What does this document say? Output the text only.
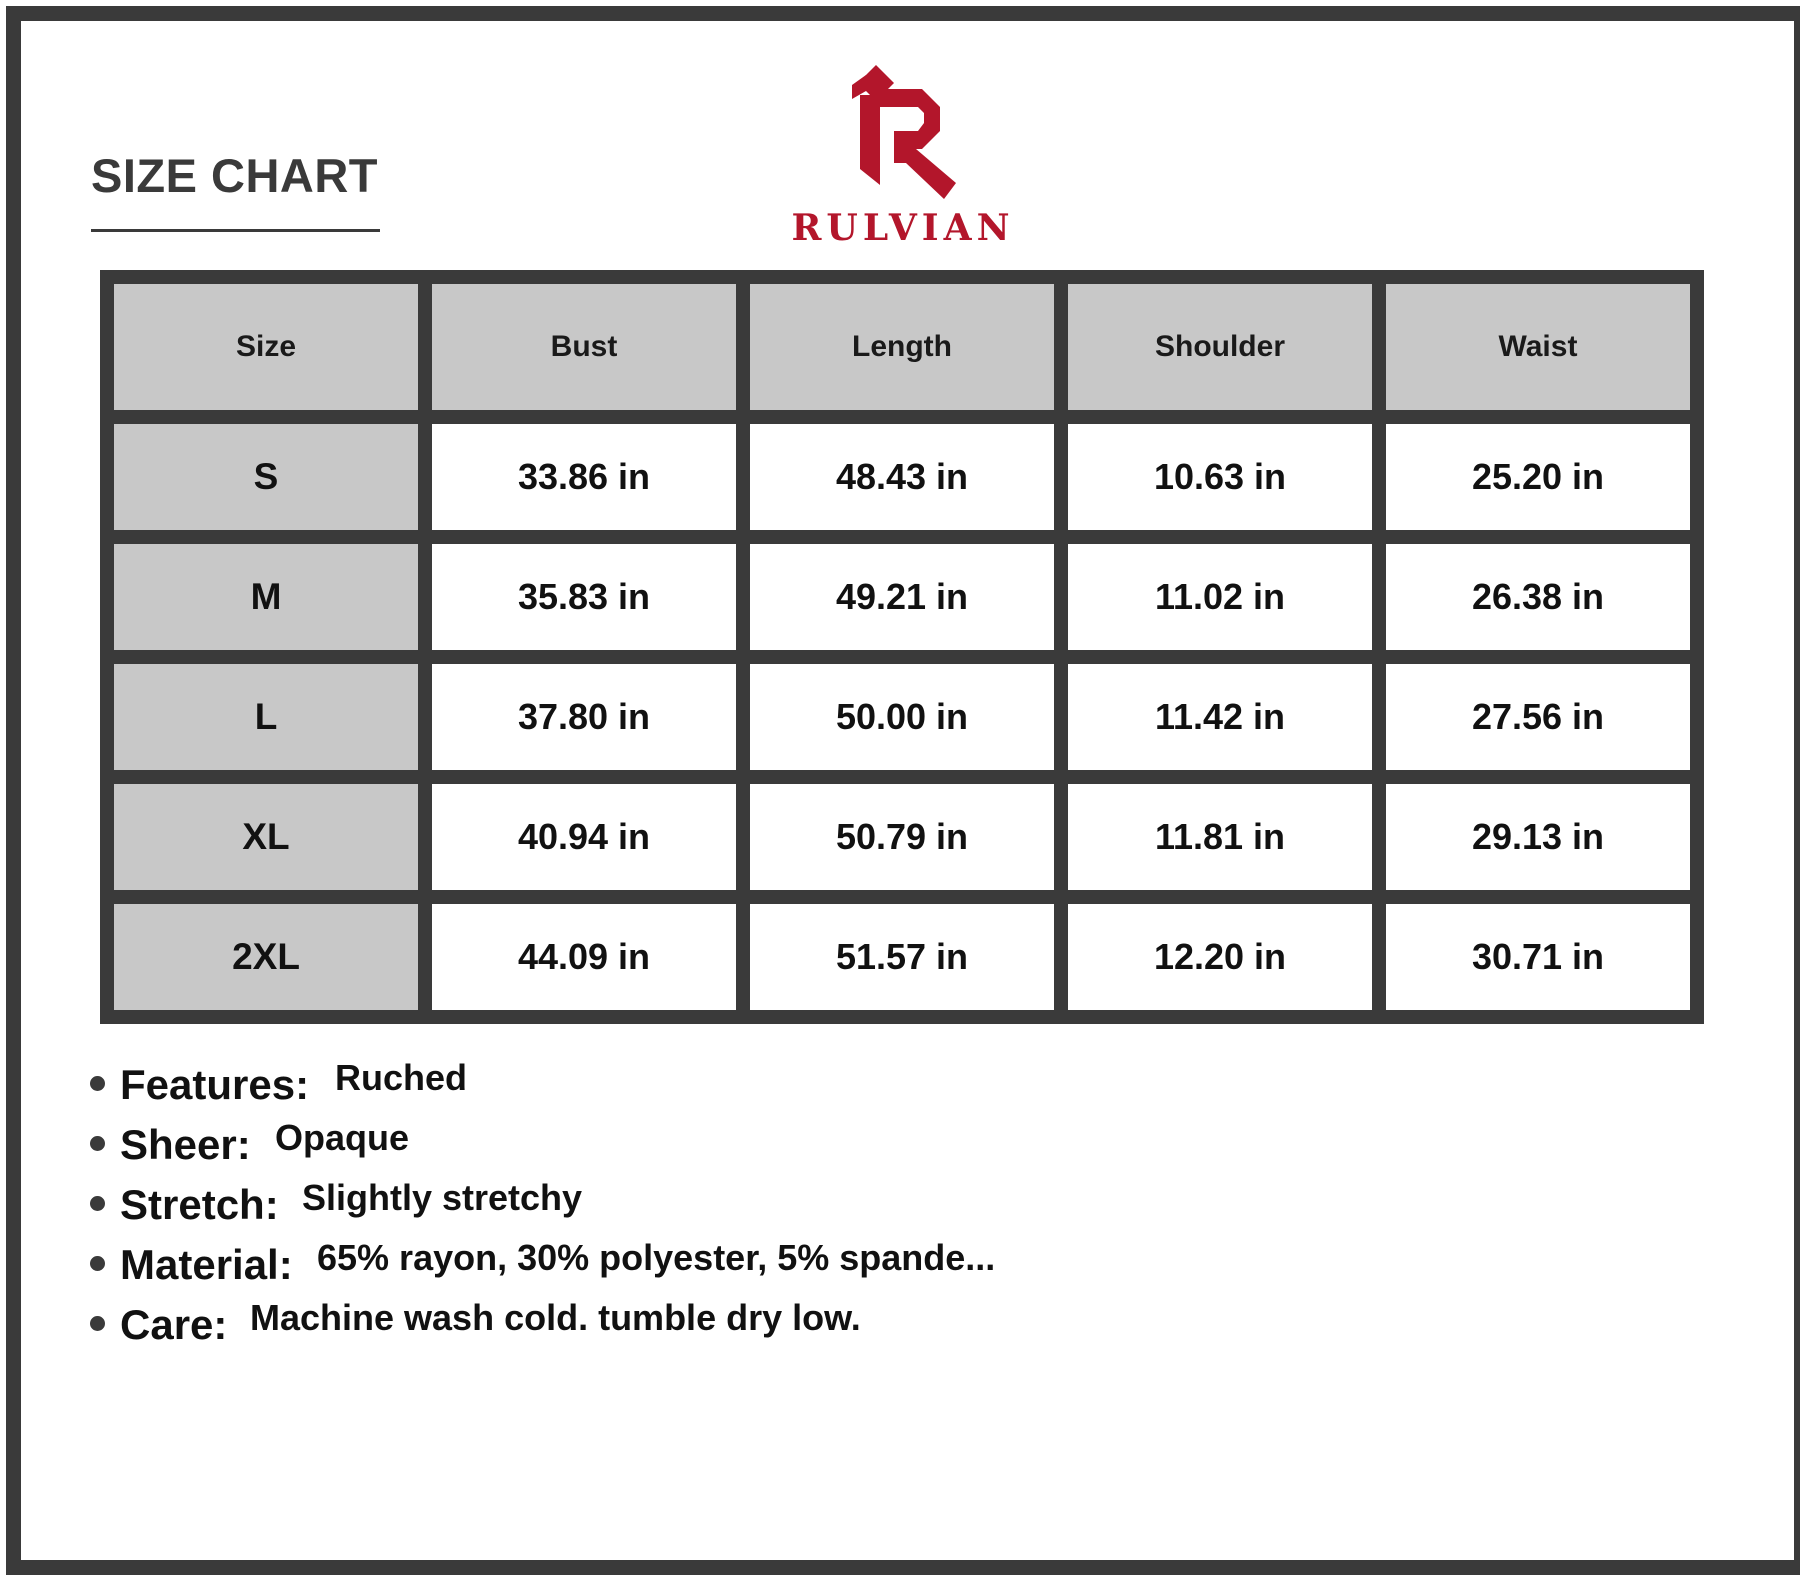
SIZE CHART
RULVIAN
Size	Bust	Length	Shoulder	Waist
S	33.86 in	48.43 in	10.63 in	25.20 in
M	35.83 in	49.21 in	11.02 in	26.38 in
L	37.80 in	50.00 in	11.42 in	27.56 in
XL	40.94 in	50.79 in	11.81 in	29.13 in
2XL	44.09 in	51.57 in	12.20 in	30.71 in
Features: Ruched
Sheer: Opaque
Stretch: Slightly stretchy
Material: 65% rayon, 30% polyester, 5% spande...
Care: Machine wash cold. tumble dry low.
